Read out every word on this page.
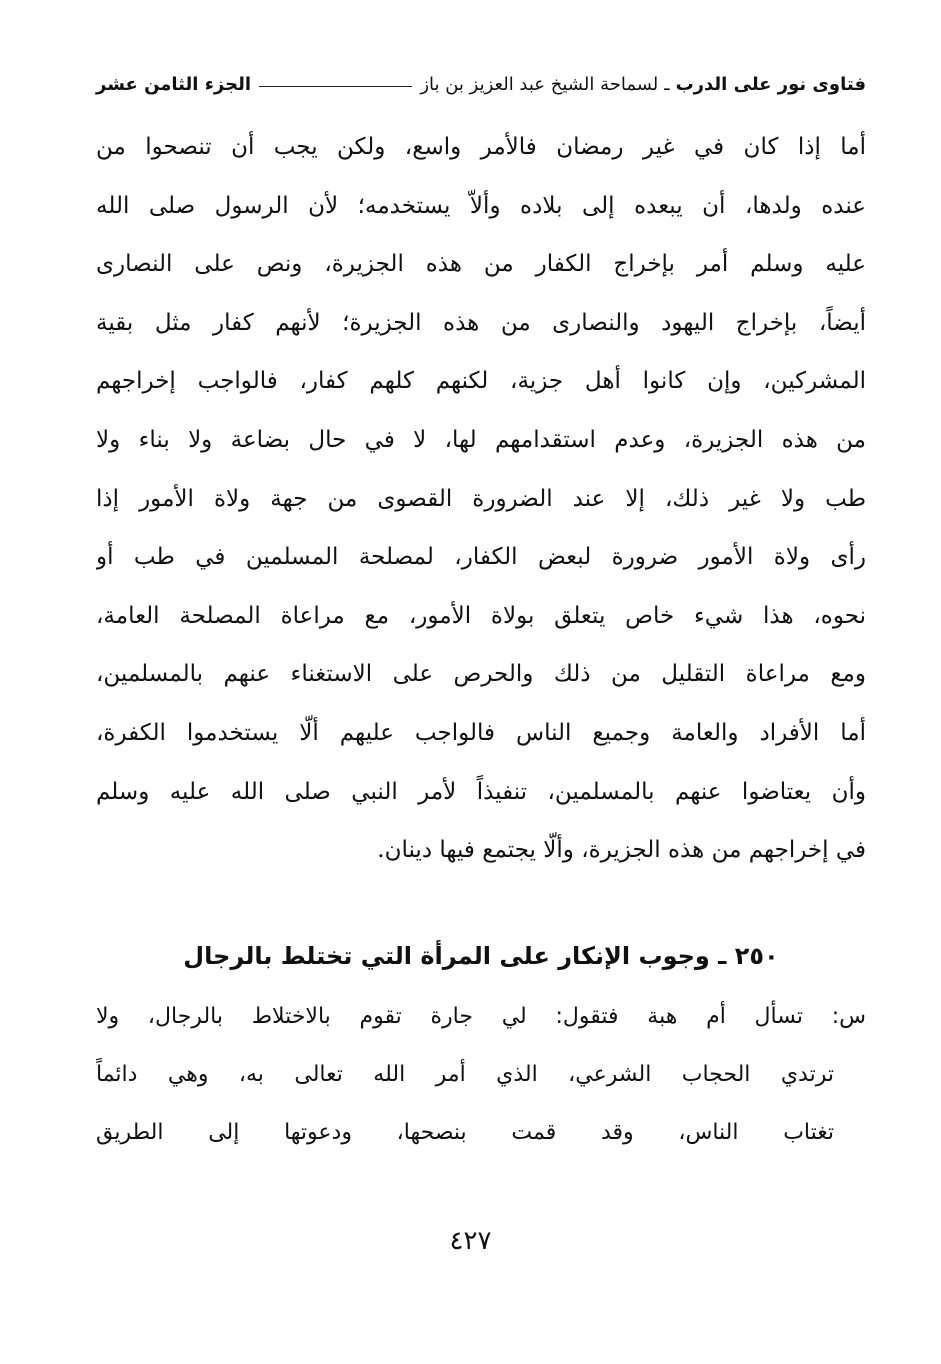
فتاوى نور على الدرب
ـ
لسماحة الشيخ عبد العزيز بن باز
الجزء الثامن عشر
أما إذا كان في غير رمضان فالأمر واسع، ولكن يجب أن تنصحوا من
عنده ولدها، أن يبعده إلى بلاده وألاّ يستخدمه؛ لأن الرسول صلى الله
عليه وسلم أمر بإخراج الكفار من هذه الجزيرة، ونص على النصارى
أيضاً، بإخراج اليهود والنصارى من هذه الجزيرة؛ لأنهم كفار مثل بقية
المشركين، وإن كانوا أهل جزية، لكنهم كلهم كفار، فالواجب إخراجهم
من هذه الجزيرة، وعدم استقدامهم لها، لا في حال بضاعة ولا بناء ولا
طب ولا غير ذلك، إلا عند الضرورة القصوى من جهة ولاة الأمور إذا
رأى ولاة الأمور ضرورة لبعض الكفار، لمصلحة المسلمين في طب أو
نحوه، هذا شيء خاص يتعلق بولاة الأمور، مع مراعاة المصلحة العامة،
ومع مراعاة التقليل من ذلك والحرص على الاستغناء عنهم بالمسلمين،
أما الأفراد والعامة وجميع الناس فالواجب عليهم ألّا يستخدموا الكفرة،
وأن يعتاضوا عنهم بالمسلمين، تنفيذاً لأمر النبي صلى الله عليه وسلم
في إخراجهم من هذه الجزيرة، وألّا يجتمع فيها دينان.
٢٥٠ ـ وجوب الإنكار على المرأة التي تختلط بالرجال
س: تسأل أم هبة فتقول: لي جارة تقوم بالاختلاط بالرجال، ولا
ترتدي الحجاب الشرعي، الذي أمر الله تعالى به، وهي دائماً
تغتاب الناس، وقد قمت بنصحها، ودعوتها إلى الطريق
٤٢٧
